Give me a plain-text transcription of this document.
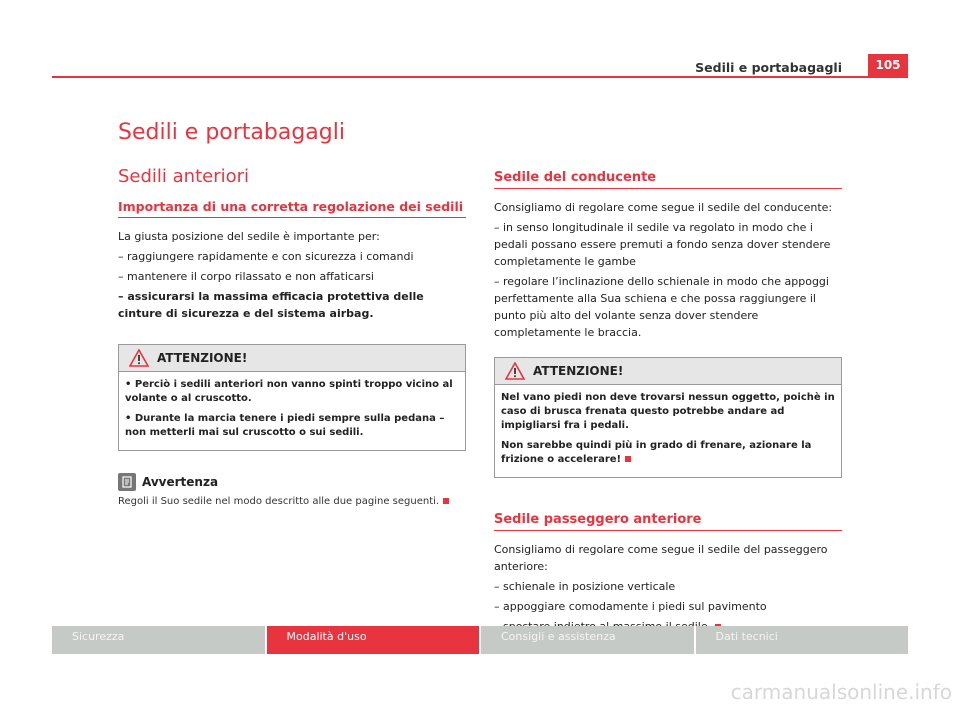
Sedili e portabagagli	105
Sedili e portabagagli
Sedili anteriori
Importanza di una corretta regolazione dei sedili

La giusta posizione del sedile è importante per:

– raggiungere rapidamente e con sicurezza i comandi

– mantenere il corpo rilassato e non affaticarsi

– assicurarsi la massima efficacia protettiva delle cinture di sicurezza e del sistema airbag.

ATTENZIONE!

• Perciò i sedili anteriori non vanno spinti troppo vicino al volante o al cruscotto.

• Durante la marcia tenere i piedi sempre sulla pedana – non metterli mai sul cruscotto o sui sedili.

Avvertenza

Regoli il Suo sedile nel modo descritto alle due pagine seguenti.

Sedile del conducente

Consigliamo di regolare come segue il sedile del conducente:

– in senso longitudinale il sedile va regolato in modo che i pedali possano essere premuti a fondo senza dover stendere completamente le gambe

– regolare l’inclinazione dello schienale in modo che appoggi perfettamente alla Sua schiena e che possa raggiungere il punto più alto del volante senza dover stendere completamente le braccia.

ATTENZIONE!

Nel vano piedi non deve trovarsi nessun oggetto, poichè in caso di brusca frenata questo potrebbe andare ad impigliarsi fra i pedali.

Non sarebbe quindi più in grado di frenare, azionare la frizione o accelerare!

Sedile passeggero anteriore

Consigliamo di regolare come segue il sedile del passeggero anteriore:

– schienale in posizione verticale

– appoggiare comodamente i piedi sul pavimento

Sicurezza	Modalità d'uso	Consigli e assistenza	Dati tecnici
carmanualsonline.info
